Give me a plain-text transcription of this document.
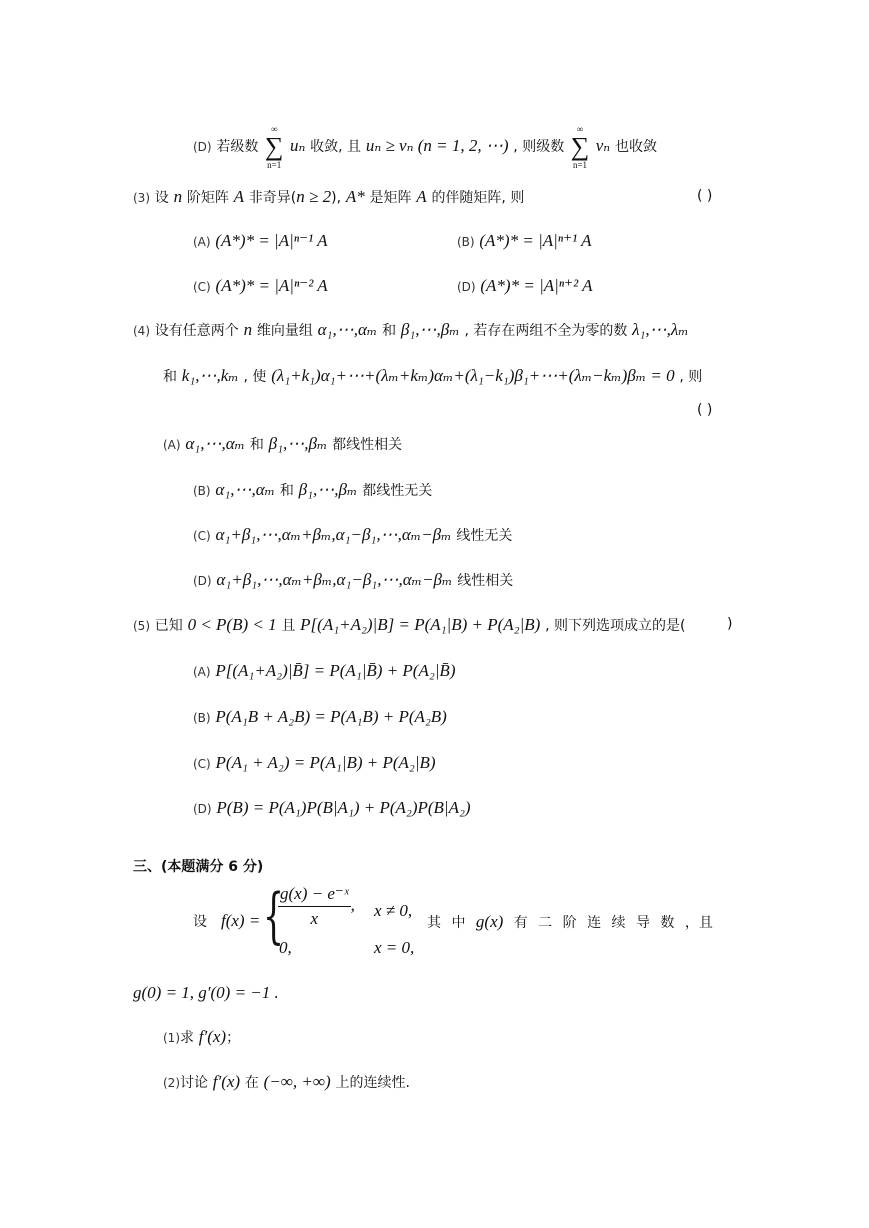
(D) 若级数
∞
∑
n=1
uₙ 收敛, 且 uₙ ≥ vₙ (n = 1, 2, ⋯) , 则级数
∞
∑
n=1
vₙ 也收敛
(3) 设 n 阶矩阵 A 非奇异(n ≥ 2), A* 是矩阵 A 的伴随矩阵, 则	( )
(A) (A*)* = |A|ⁿ⁻¹ A	(B) (A*)* = |A|ⁿ⁺¹ A
(C) (A*)* = |A|ⁿ⁻² A	(D) (A*)* = |A|ⁿ⁺² A
(4) 设有任意两个 n 维向量组 α₁,⋯,αₘ 和 β₁,⋯,βₘ , 若存在两组不全为零的数 λ₁,⋯,λₘ
和 k₁,⋯,kₘ , 使 (λ₁+k₁)α₁+⋯+(λₘ+kₘ)αₘ+(λ₁−k₁)β₁+⋯+(λₘ−kₘ)βₘ = 0 , 则
( )
(A) α₁,⋯,αₘ 和 β₁,⋯,βₘ 都线性相关
(B) α₁,⋯,αₘ 和 β₁,⋯,βₘ 都线性无关
(C) α₁+β₁,⋯,αₘ+βₘ,α₁−β₁,⋯,αₘ−βₘ 线性无关
(D) α₁+β₁,⋯,αₘ+βₘ,α₁−β₁,⋯,αₘ−βₘ 线性相关
(5) 已知 0 < P(B) < 1 且 P[(A₁+A₂)|B] = P(A₁|B) + P(A₂|B) , 则下列选项成立的是(	)
(A) P[(A₁+A₂)|B̄] = P(A₁|B̄) + P(A₂|B̄)
(B) P(A₁B + A₂B) = P(A₁B) + P(A₂B)
(C) P(A₁ + A₂) = P(A₁|B) + P(A₂|B)
(D) P(B) = P(A₁)P(B|A₁) + P(A₂)P(B|A₂)
三、(本题满分 6 分)
设 f(x) = {
$\frac{\text{g(x) − e⁻ˣ}}{x}$ , x ≠ 0,
0,	x = 0,
其 中 g(x) 有 二 阶 连 续 导 数 ，且
g(0) = 1, g′(0) = −1 .
(1)求 f′(x)；
(2)讨论 f′(x) 在 (−∞, +∞) 上的连续性.
